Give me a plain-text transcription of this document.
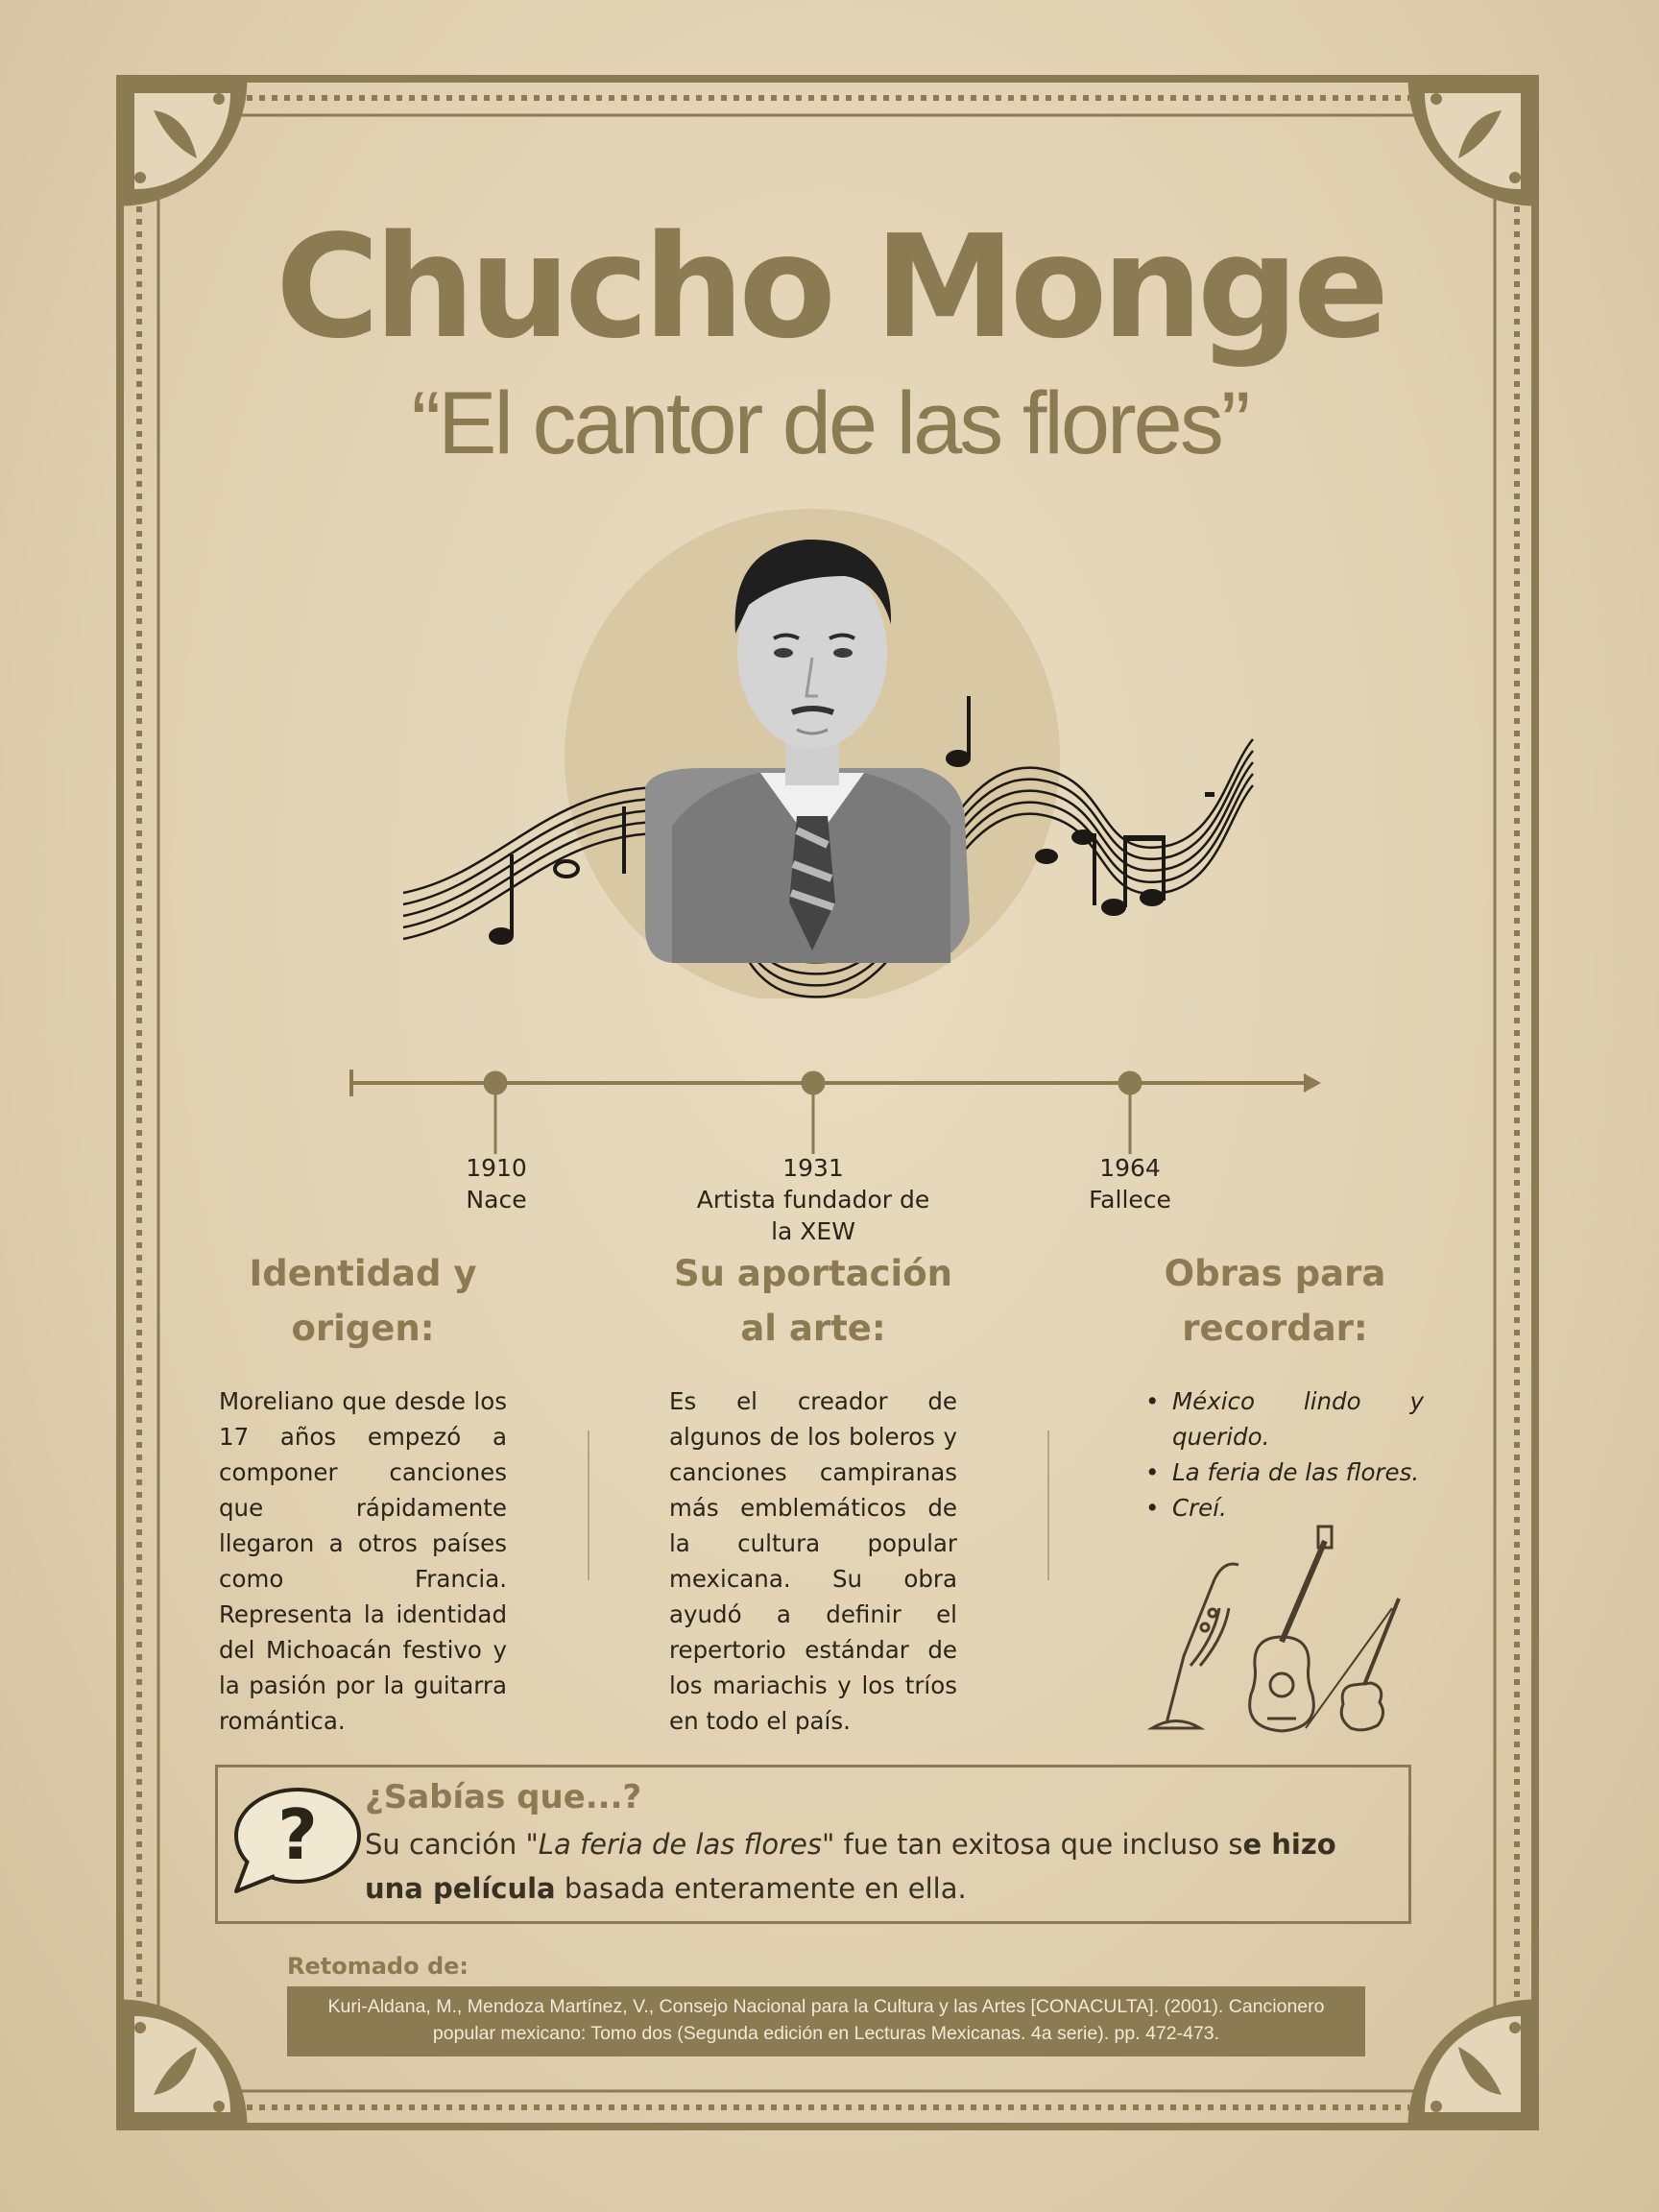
Chucho Monge
“El cantor de las flores”
1910
Nace
1931
Artista fundador de la XEW
1964
Fallece
Identidad y
origen:
Su aportación
al arte:
Obras para
recordar:
Moreliano que desde los 17 años empezó a componer canciones que rápidamente llegaron a otros países como Francia. Representa la identidad del Michoacán festivo y la pasión por la guitarra romántica.
Es el creador de algunos de los boleros y canciones campiranas más emblemáticos de la cultura popular mexicana. Su obra ayudó a definir el repertorio estándar de los mariachis y los tríos en todo el país.
• México lindo y querido.
• La feria de las flores.
• Creí.
? ¿Sabías que...?
Su canción "La feria de las flores" fue tan exitosa que incluso se hizo una película basada enteramente en ella.
Retomado de:
Kuri-Aldana, M., Mendoza Martínez, V., Consejo Nacional para la Cultura y las Artes [CONACULTA]. (2001). Cancionero popular mexicano: Tomo dos (Segunda edición en Lecturas Mexicanas. 4a serie). pp. 472-473.
